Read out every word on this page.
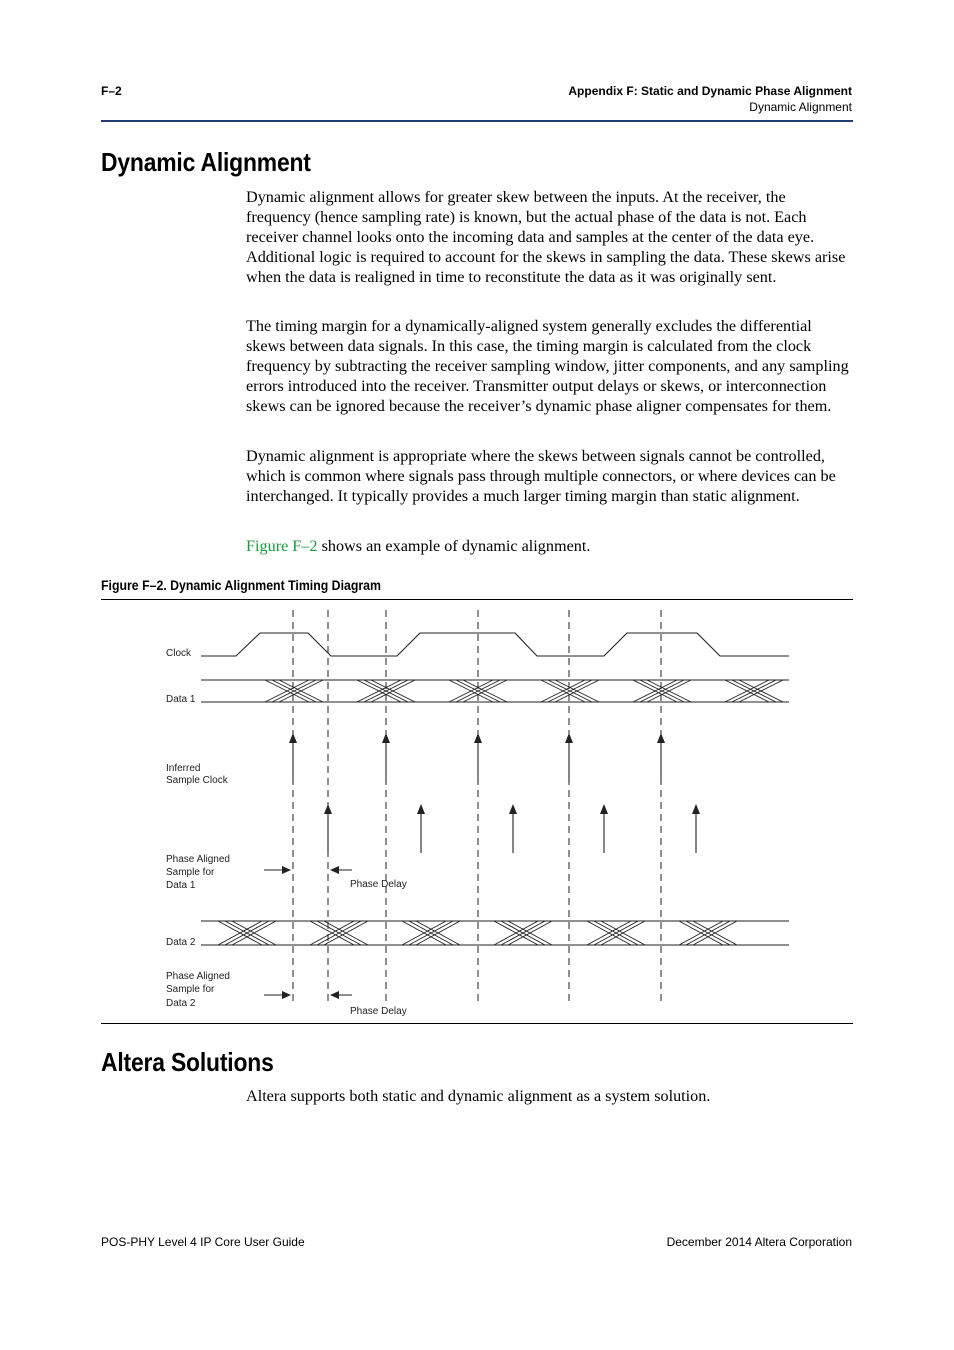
F–2	Appendix F: Static and Dynamic Phase Alignment
Dynamic Alignment
Dynamic Alignment

Dynamic alignment allows for greater skew between the inputs. At the receiver, the frequency (hence sampling rate) is known, but the actual phase of the data is not. Each receiver channel looks onto the incoming data and samples at the center of the data eye. Additional logic is required to account for the skews in sampling the data. These skews arise when the data is realigned in time to reconstitute the data as it was originally sent.

The timing margin for a dynamically-aligned system generally excludes the differential skews between data signals. In this case, the timing margin is calculated from the clock frequency by subtracting the receiver sampling window, jitter components, and any sampling errors introduced into the receiver. Transmitter output delays or skews, or interconnection skews can be ignored because the receiver’s dynamic phase aligner compensates for them.

Dynamic alignment is appropriate where the skews between signals cannot be controlled, which is common where signals pass through multiple connectors, or where devices can be interchanged. It typically provides a much larger timing margin than static alignment.

Figure F–2 shows an example of dynamic alignment.

Figure F–2. Dynamic Alignment Timing Diagram
Clock
Data 1
Inferred
Sample Clock
Phase Aligned
Sample for
Data 1	Phase Delay
Data 2
Phase Aligned
Sample for
Data 2
Phase Delay
Altera Solutions

Altera supports both static and dynamic alignment as a system solution.

POS-PHY Level 4 IP Core User Guide	December 2014 Altera Corporation
